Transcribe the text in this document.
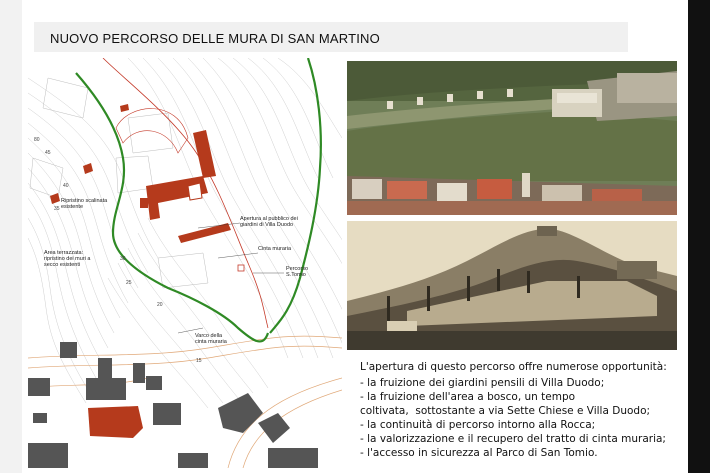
NUOVO PERCORSO DELLE MURA DI SAN MARTINO
Ripristino scalinata esistente
Area terrazzata: ripristino dei muri a secco esistenti
Apertura al pubblico dei giardini di Villa Duodo
Cinta muraria
Percorso S.Tomio
Varco della cinta muraria
80
45
40
35
30
25
20
15	L'apertura di questo percorso offre numerose opportunità:

- la fruizione dei giardini pensili di Villa Duodo;
- la fruizione dell'area a bosco, un tempo coltivata,  sottostante a via Sette Chiese e Villa Duodo;
- la continuità di percorso intorno alla Rocca;
- la valorizzazione e il recupero del tratto di cinta muraria;
- l'accesso in sicurezza al Parco di San Tomio.
